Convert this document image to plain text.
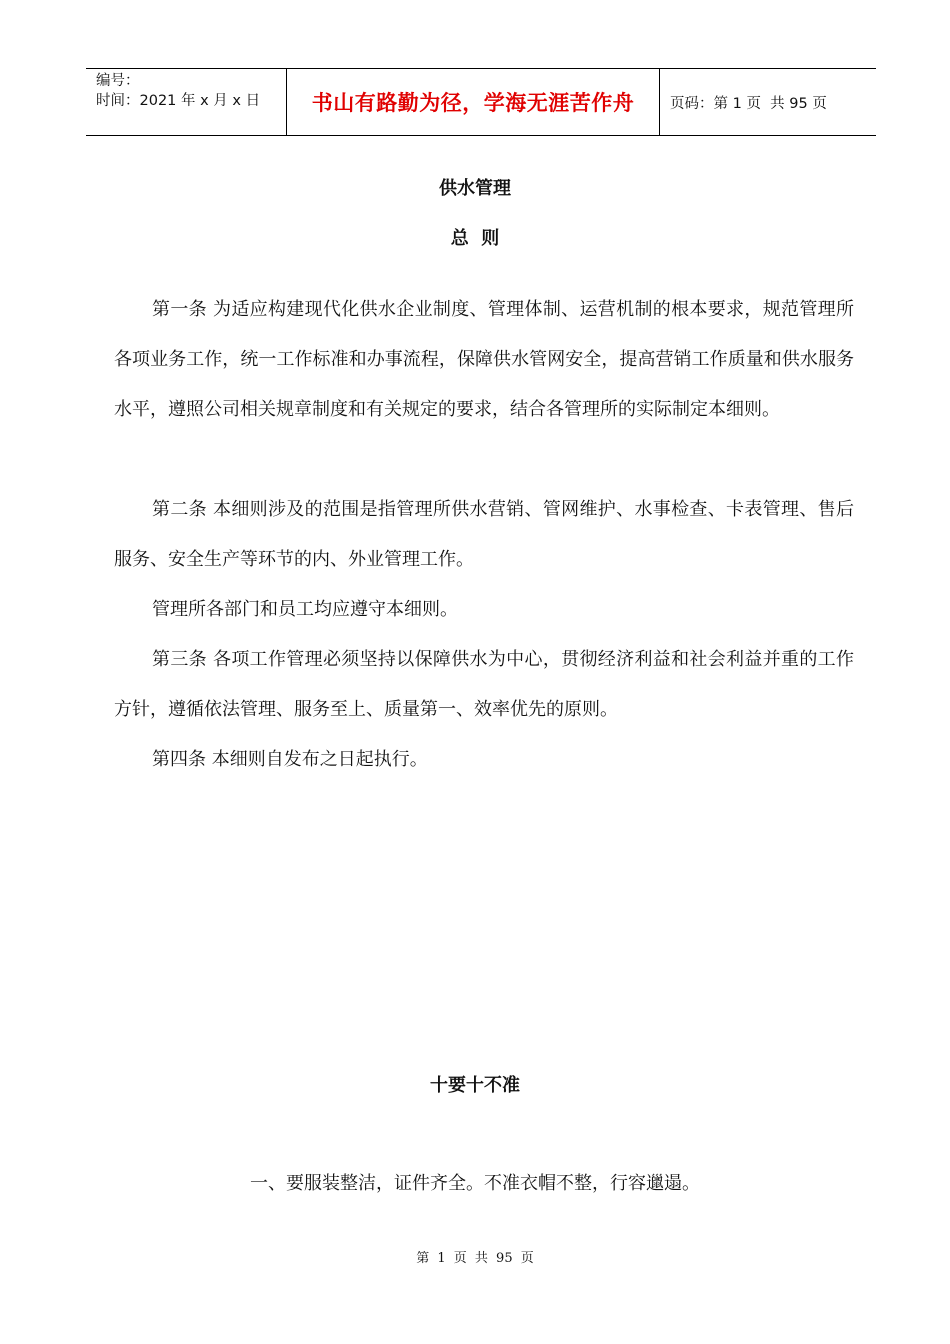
编号：
时间：2021 年 x 月 x 日	书山有路勤为径，学海无涯苦作舟	页码：第 1 页  共 95 页
供水管理
总  则

第一条 为适应构建现代化供水企业制度、管理体制、运营机制的根本要求，规范管理所各项业务工作，统一工作标准和办事流程，保障供水管网安全，提高营销工作质量和供水服务水平，遵照公司相关规章制度和有关规定的要求，结合各管理所的实际制定本细则。

第二条 本细则涉及的范围是指管理所供水营销、管网维护、水事检查、卡表管理、售后服务、安全生产等环节的内、外业管理工作。

管理所各部门和员工均应遵守本细则。

第三条 各项工作管理必须坚持以保障供水为中心，贯彻经济利益和社会利益并重的工作方针，遵循依法管理、服务至上、质量第一、效率优先的原则。

第四条 本细则自发布之日起执行。

十要十不准
一、要服装整洁，证件齐全。不准衣帽不整，行容邋遢。
第 1 页 共 95 页
